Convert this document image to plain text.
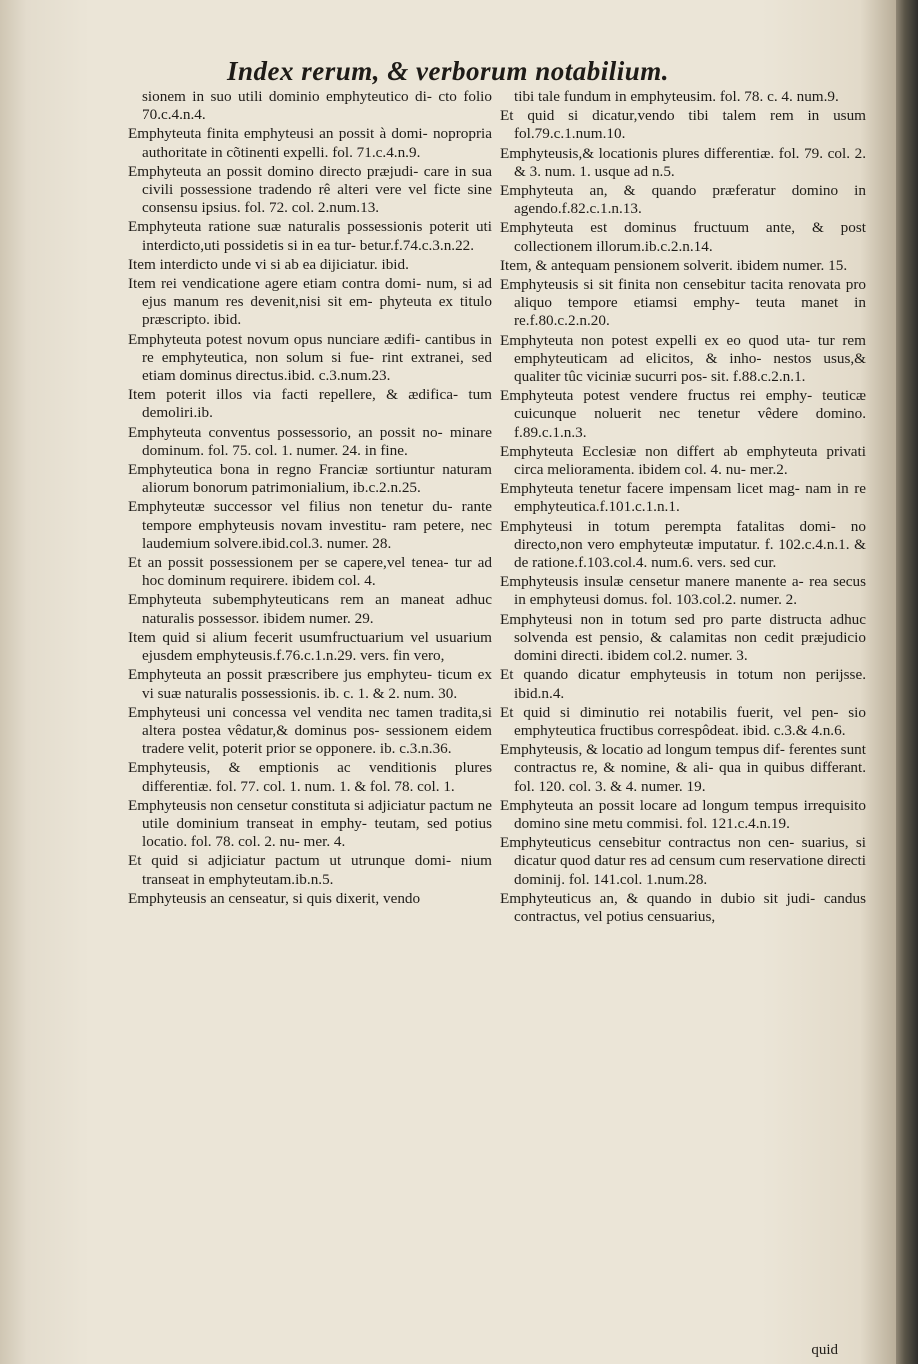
Index rerum, & verborum notabilium.

sionem in suo utili dominio emphyteutico di- cto folio 70.c.4.n.4.

Emphyteuta finita emphyteusi an possit à domi- nopropria authoritate in cõtinenti expelli. fol. 71.c.4.n.9.

Emphyteuta an possit domino directo præjudi- care in sua civili possessione tradendo rê alteri vere vel ficte sine consensu ipsius. fol. 72. col. 2.num.13.

Emphyteuta ratione suæ naturalis possessionis poterit uti interdicto,uti possidetis si in ea tur- betur.f.74.c.3.n.22.

Item interdicto unde vi si ab ea dijiciatur. ibid.

Item rei vendicatione agere etiam contra domi- num, si ad ejus manum res devenit,nisi sit em- phyteuta ex titulo præscripto. ibid.

Emphyteuta potest novum opus nunciare ædifi- cantibus in re emphyteutica, non solum si fue- rint extranei, sed etiam dominus directus.ibid. c.3.num.23.

Item poterit illos via facti repellere, & ædifica- tum demoliri.ib.

Emphyteuta conventus possessorio, an possit no- minare dominum. fol. 75. col. 1. numer. 24. in fine.

Emphyteutica bona in regno Franciæ sortiuntur naturam aliorum bonorum patrimonialium, ib.c.2.n.25.

Emphyteutæ successor vel filius non tenetur du- rante tempore emphyteusis novam investitu- ram petere, nec laudemium solvere.ibid.col.3. numer. 28.

Et an possit possessionem per se capere,vel tenea- tur ad hoc dominum requirere. ibidem col. 4.

Emphyteuta subemphyteuticans rem an maneat adhuc naturalis possessor. ibidem numer. 29.

Item quid si alium fecerit usumfructuarium vel usuarium ejusdem emphyteusis.f.76.c.1.n.29. vers. fin vero,

Emphyteuta an possit præscribere jus emphyteu- ticum ex vi suæ naturalis possessionis. ib. c. 1. & 2. num. 30.

Emphyteusi uni concessa vel vendita nec tamen tradita,si altera postea vêdatur,& dominus pos- sessionem eidem tradere velit, poterit prior se opponere. ib. c.3.n.36.

Emphyteusis, & emptionis ac venditionis plures differentiæ. fol. 77. col. 1. num. 1. & fol. 78. col. 1.

Emphyteusis non censetur constituta si adjiciatur pactum ne utile dominium transeat in emphy- teutam, sed potius locatio. fol. 78. col. 2. nu- mer. 4.

Et quid si adjiciatur pactum ut utrunque domi- nium transeat in emphyteutam.ib.n.5.

Emphyteusis an censeatur, si quis dixerit, vendo

tibi tale fundum in emphyteusim. fol. 78. c. 4. num.9.

Et quid si dicatur,vendo tibi talem rem in usum fol.79.c.1.num.10.

Emphyteusis,& locationis plures differentiæ. fol. 79. col. 2. & 3. num. 1. usque ad n.5.

Emphyteuta an, & quando præferatur domino in agendo.f.82.c.1.n.13.

Emphyteuta est dominus fructuum ante, & post collectionem illorum.ib.c.2.n.14.

Item, & antequam pensionem solverit. ibidem numer. 15.

Emphyteusis si sit finita non censebitur tacita renovata pro aliquo tempore etiamsi emphy- teuta manet in re.f.80.c.2.n.20.

Emphyteuta non potest expelli ex eo quod uta- tur rem emphyteuticam ad elicitos, & inho- nestos usus,& qualiter tûc viciniæ sucurri pos- sit. f.88.c.2.n.1.

Emphyteuta potest vendere fructus rei emphy- teuticæ cuicunque noluerit nec tenetur vêdere domino. f.89.c.1.n.3.

Emphyteuta Ecclesiæ non differt ab emphyteuta privati circa melioramenta. ibidem col. 4. nu- mer.2.

Emphyteuta tenetur facere impensam licet mag- nam in re emphyteutica.f.101.c.1.n.1.

Emphyteusi in totum perempta fatalitas domi- no directo,non vero emphyteutæ imputatur. f. 102.c.4.n.1. & de ratione.f.103.col.4. num.6. vers. sed cur.

Emphyteusis insulæ censetur manere manente a- rea secus in emphyteusi domus. fol. 103.col.2. numer. 2.

Emphyteusi non in totum sed pro parte distructa adhuc solvenda est pensio, & calamitas non cedit præjudicio domini directi. ibidem col.2. numer. 3.

Et quando dicatur emphyteusis in totum non perijsse. ibid.n.4.

Et quid si diminutio rei notabilis fuerit, vel pen- sio emphyteutica fructibus correspôdeat. ibid. c.3.& 4.n.6.

Emphyteusis, & locatio ad longum tempus dif- ferentes sunt contractus re, & nomine, & ali- qua in quibus differant. fol. 120. col. 3. & 4. numer. 19.

Emphyteuta an possit locare ad longum tempus irrequisito domino sine metu commisi. fol. 121.c.4.n.19.

Emphyteuticus censebitur contractus non cen- suarius, si dicatur quod datur res ad censum cum reservatione directi dominij. fol. 141.col. 1.num.28.

Emphyteuticus an, & quando in dubio sit judi- candus contractus, vel potius censuarius,

quid
